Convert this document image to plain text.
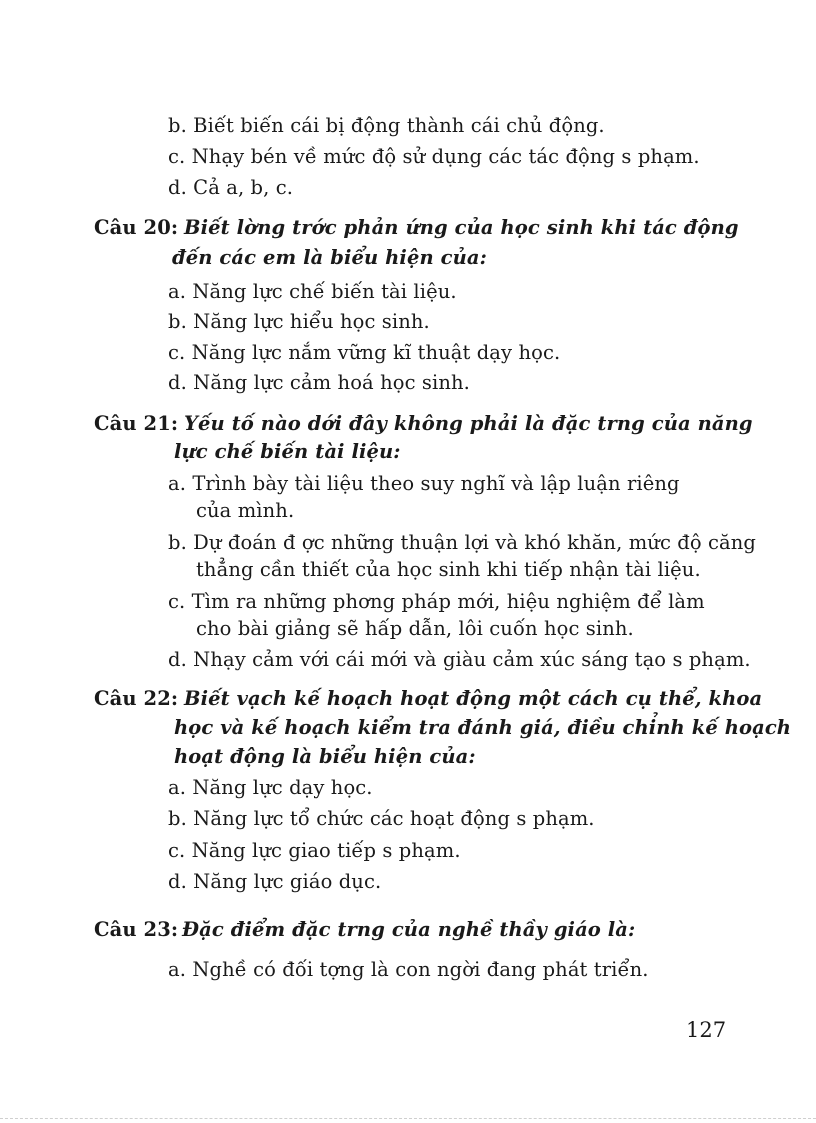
b. Biết biến cái bị động thành cái chủ động.
c. Nhạy bén về mức độ sử dụng các tác động s phạm.
d. Cả a, b, c.
Câu 20: Biết lờng trớc phản ứng của học sinh khi tác động
đến các em là biểu hiện của:
a. Năng lực chế biến tài liệu.
b. Năng lực hiểu học sinh.
c. Năng lực nắm vững kĩ thuật dạy học.
d. Năng lực cảm hoá học sinh.
Câu 21: Yếu tố nào dới đây không phải là đặc trng của năng
lực chế biến tài liệu:
a. Trình bày tài liệu theo suy nghĩ và lập luận riêng
của mình.
b. Dự đoán đ ợc những thuận lợi và khó khăn, mức độ căng
thẳng cần thiết của học sinh khi tiếp nhận tài liệu.
c. Tìm ra những phơng pháp mới, hiệu nghiệm để làm
cho bài giảng sẽ hấp dẫn, lôi cuốn học sinh.
d. Nhạy cảm với cái mới và giàu cảm xúc sáng tạo s phạm.
Câu 22: Biết vạch kế hoạch hoạt động một cách cụ thể, khoa
học và kế hoạch kiểm tra đánh giá, điều chỉnh kế hoạch
hoạt động là biểu hiện của:
a. Năng lực dạy học.
b. Năng lực tổ chức các hoạt động s phạm.
c. Năng lực giao tiếp s phạm.
d. Năng lực giáo dục.
Câu 23: Đặc điểm đặc trng của nghề thầy giáo là:
a. Nghề có đối tợng là con ngời đang phát triển.
127
